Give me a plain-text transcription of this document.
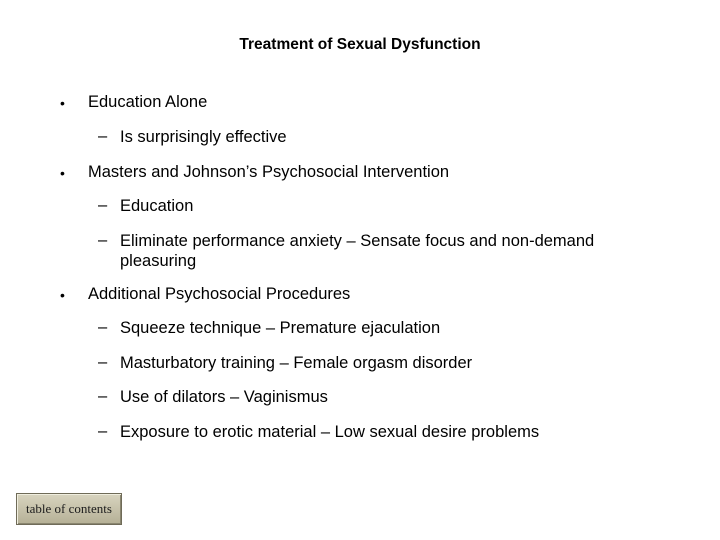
Treatment of Sexual Dysfunction
• Education Alone
– Is surprisingly effective
• Masters and Johnson’s Psychosocial Intervention
– Education
– Eliminate performance anxiety – Sensate focus and non-demand pleasuring
• Additional Psychosocial Procedures
– Squeeze technique – Premature ejaculation
– Masturbatory training – Female orgasm disorder
– Use of dilators – Vaginismus
– Exposure to erotic material – Low sexual desire problems
table of contents
